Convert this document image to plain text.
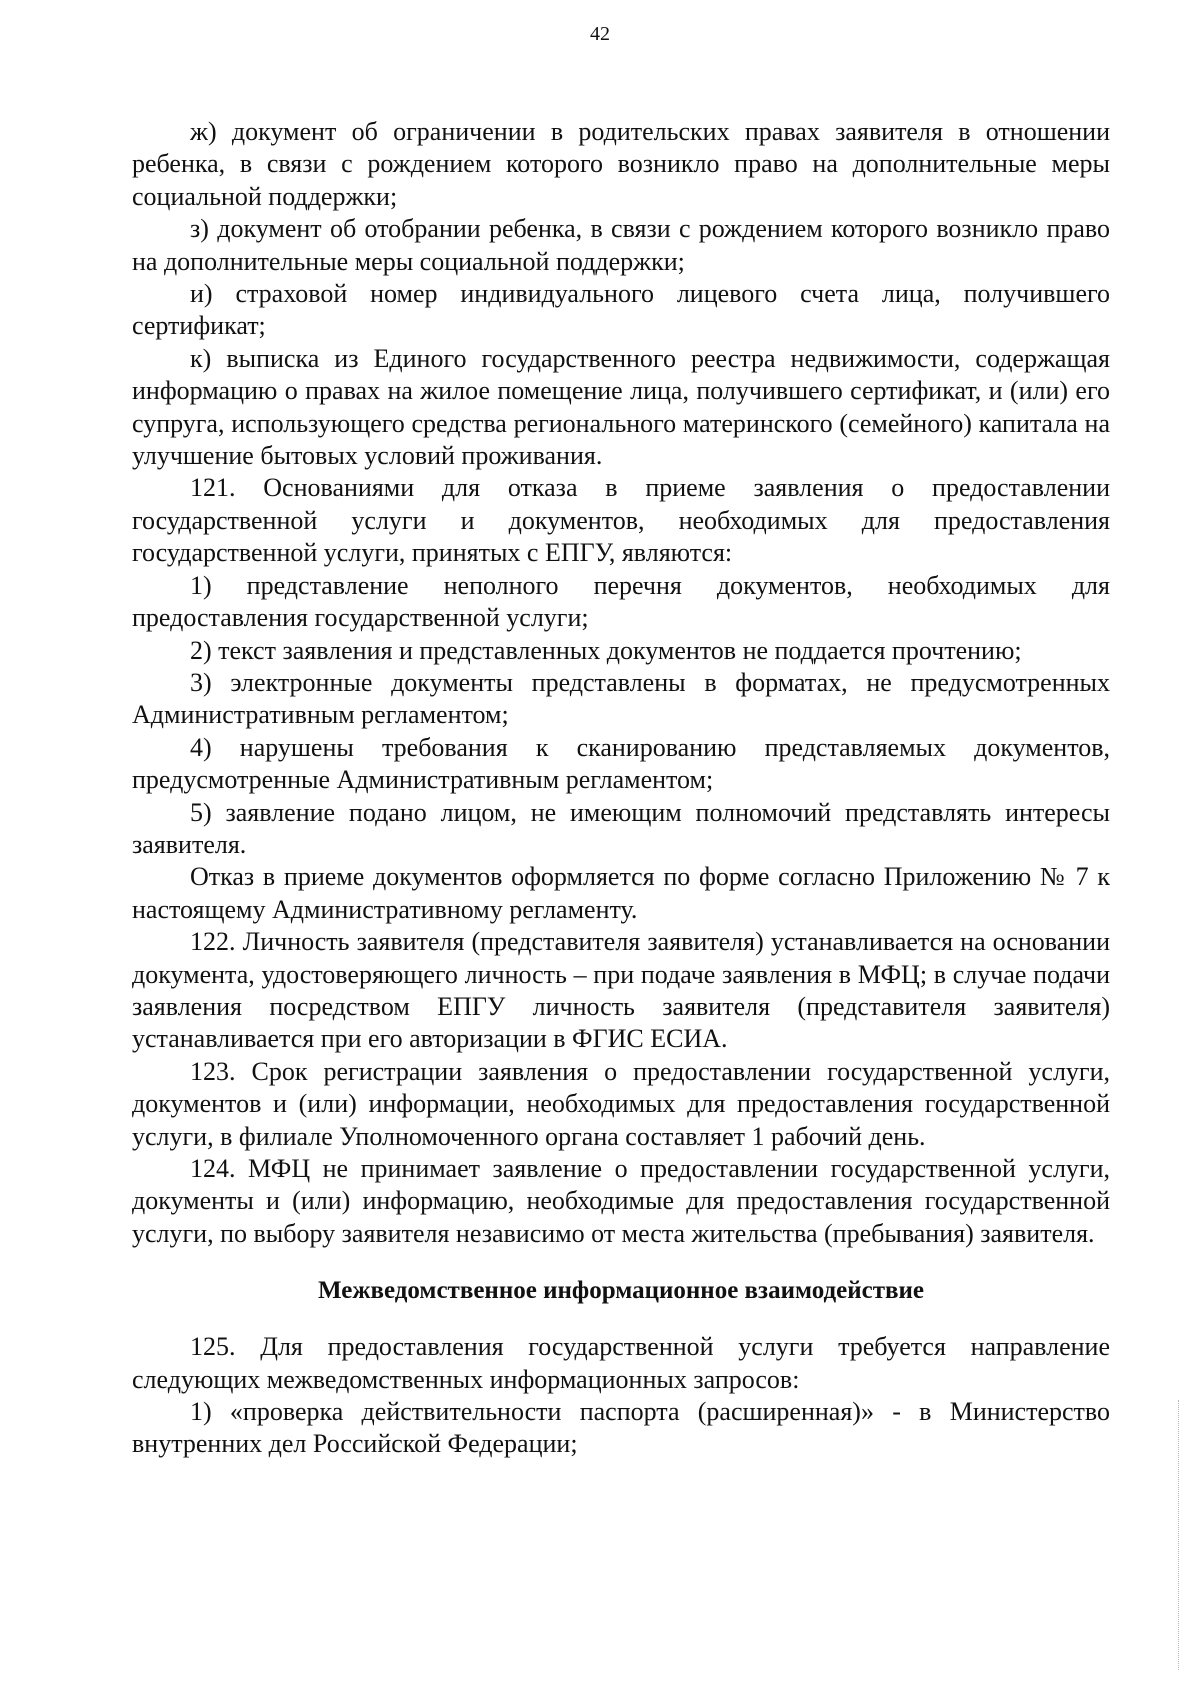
42

ж) документ об ограничении в родительских правах заявителя в отношении ребенка, в связи с рождением которого возникло право на дополнительные меры социальной поддержки;

з) документ об отобрании ребенка, в связи с рождением которого возникло право на дополнительные меры социальной поддержки;

и) страховой номер индивидуального лицевого счета лица, получившего сертификат;

к) выписка из Единого государственного реестра недвижимости, содержащая информацию о правах на жилое помещение лица, получившего сертификат, и (или) его супруга, использующего средства регионального материнского (семейного) капитала на улучшение бытовых условий проживания.

121. Основаниями для отказа в приеме заявления о предоставлении государственной услуги и документов, необходимых для предоставления государственной услуги, принятых с ЕПГУ, являются:

1) представление неполного перечня документов, необходимых для предоставления государственной услуги;

2) текст заявления и представленных документов не поддается прочтению;

3) электронные документы представлены в форматах, не предусмотренных Административным регламентом;

4) нарушены требования к сканированию представляемых документов, предусмотренные Административным регламентом;

5) заявление подано лицом, не имеющим полномочий представлять интересы заявителя.

Отказ в приеме документов оформляется по форме согласно Приложению № 7 к настоящему Административному регламенту.

122. Личность заявителя (представителя заявителя) устанавливается на основании документа, удостоверяющего личность – при подаче заявления в МФЦ; в случае подачи заявления посредством ЕПГУ личность заявителя (представителя заявителя) устанавливается при его авторизации в ФГИС ЕСИА.

123. Срок регистрации заявления о предоставлении государственной услуги, документов и (или) информации, необходимых для предоставления государственной услуги, в филиале Уполномоченного органа составляет 1 рабочий день.

124. МФЦ не принимает заявление о предоставлении государственной услуги, документы и (или) информацию, необходимые для предоставления государственной услуги, по выбору заявителя независимо от места жительства (пребывания) заявителя.

Межведомственное информационное взаимодействие

125. Для предоставления государственной услуги требуется направление следующих межведомственных информационных запросов:

1) «проверка действительности паспорта (расширенная)» - в Министерство внутренних дел Российской Федерации;
